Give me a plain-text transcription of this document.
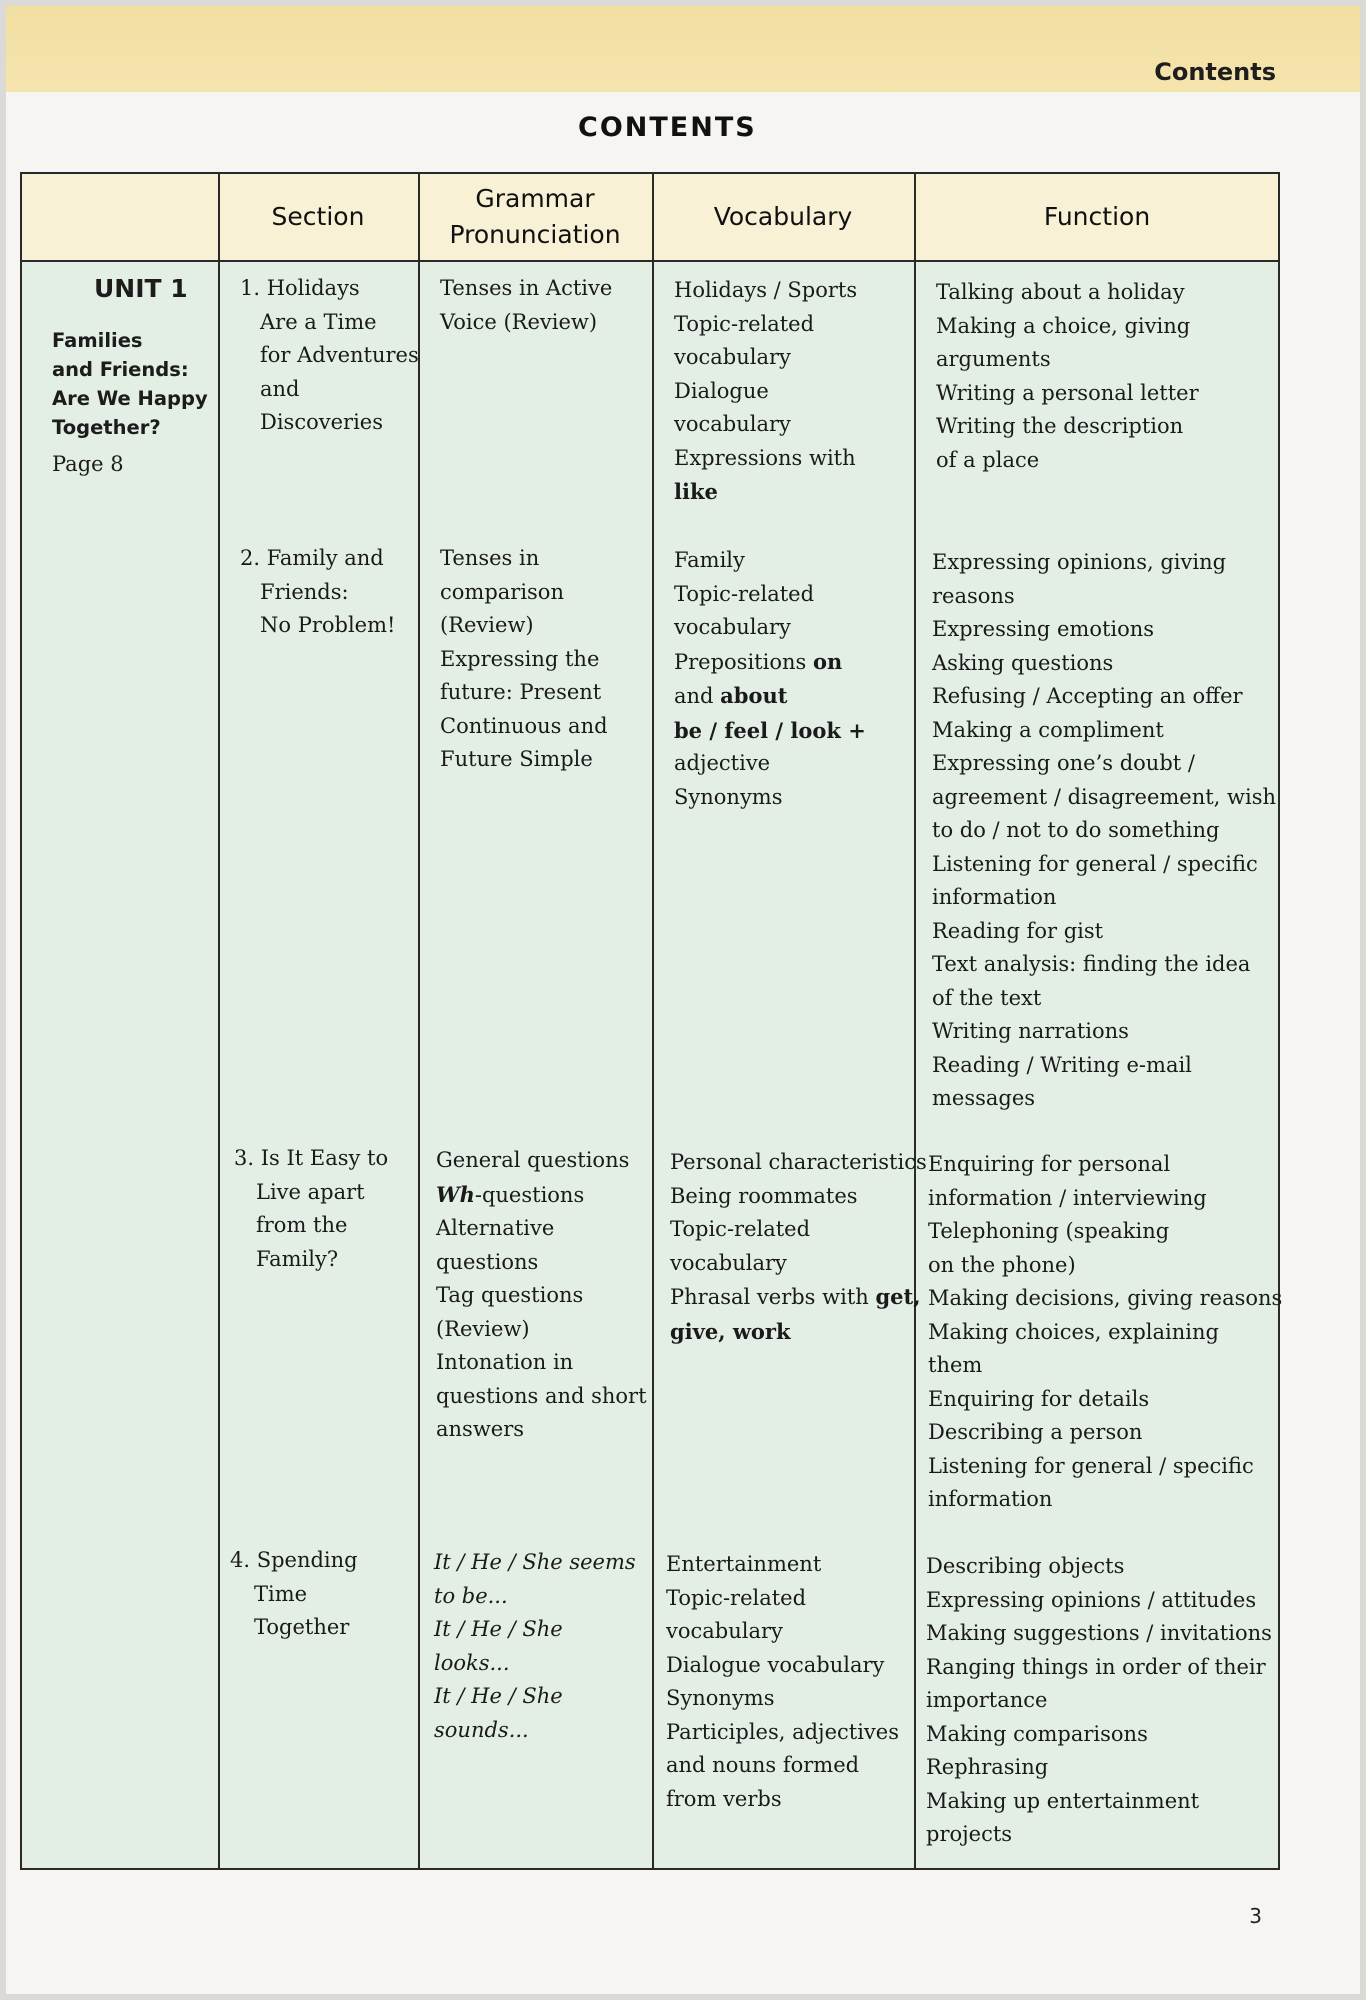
Contents
CONTENTS
Section
Grammar
Pronunciation
Vocabulary	Function
UNIT 1
Families
and Friends:
Are We Happy
Together?
Page 8
1. Holidays
Are a Time
for Adventures
and
Discoveries
Tenses in Active
Voice (Review)
Holidays / Sports
Topic-related
vocabulary
Dialogue
vocabulary
Expressions with
like
Talking about a holiday
Making a choice, giving
arguments
Writing a personal letter
Writing the description
of a place
2. Family and
Friends:
No Problem!
Tenses in
comparison
(Review)
Expressing the
future: Present
Continuous and
Future Simple
Family
Topic-related
vocabulary
Prepositions on
and about
be / feel / look +
adjective
Synonyms
Expressing opinions, giving
reasons
Expressing emotions
Asking questions
Refusing / Accepting an offer
Making a compliment
Expressing one’s doubt /
agreement / disagreement, wish
to do / not to do something
Listening for general / specific
information
Reading for gist
Text analysis: finding the idea
of the text
Writing narrations
Reading / Writing e-mail
messages
3. Is It Easy to
Live apart
from the
Family?
General questions
Wh-questions
Alternative
questions
Tag questions
(Review)
Intonation in
questions and short
answers
Personal characteristics
Being roommates
Topic-related
vocabulary
Phrasal verbs with get,
give, work
Enquiring for personal
information / interviewing
Telephoning (speaking
on the phone)
Making decisions, giving reasons
Making choices, explaining
them
Enquiring for details
Describing a person
Listening for general / specific
information
4. Spending
Time
Together
It / He / She seems
to be...
It / He / She
looks...
It / He / She
sounds...
Entertainment
Topic-related
vocabulary
Dialogue vocabulary
Synonyms
Participles, adjectives
and nouns formed
from verbs
Describing objects
Expressing opinions / attitudes
Making suggestions / invitations
Ranging things in order of their
importance
Making comparisons
Rephrasing
Making up entertainment
projects
3
